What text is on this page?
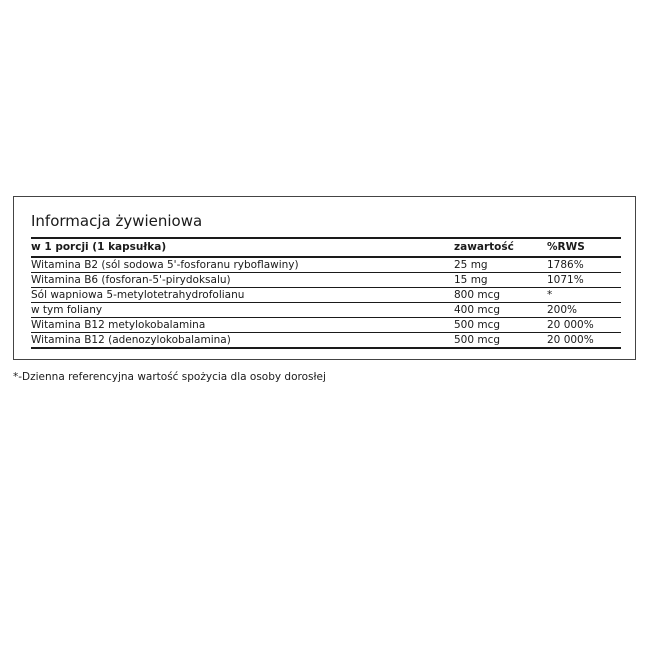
Informacja żywieniowa
w 1 porcji (1 kapsułka)	zawartość	%RWS
Witamina B2 (sól sodowa 5'-fosforanu ryboflawiny)	25 mg	1786%
Witamina B6 (fosforan-5'-pirydoksalu)	15 mg	1071%
Sól wapniowa 5-metylotetrahydrofolianu	800 mcg	*
w tym foliany	400 mcg	200%
Witamina B12 metylokobalamina	500 mcg	20 000%
Witamina B12 (adenozylokobalamina)	500 mcg	20 000%
*-Dzienna referencyjna wartość spożycia dla osoby dorosłej
